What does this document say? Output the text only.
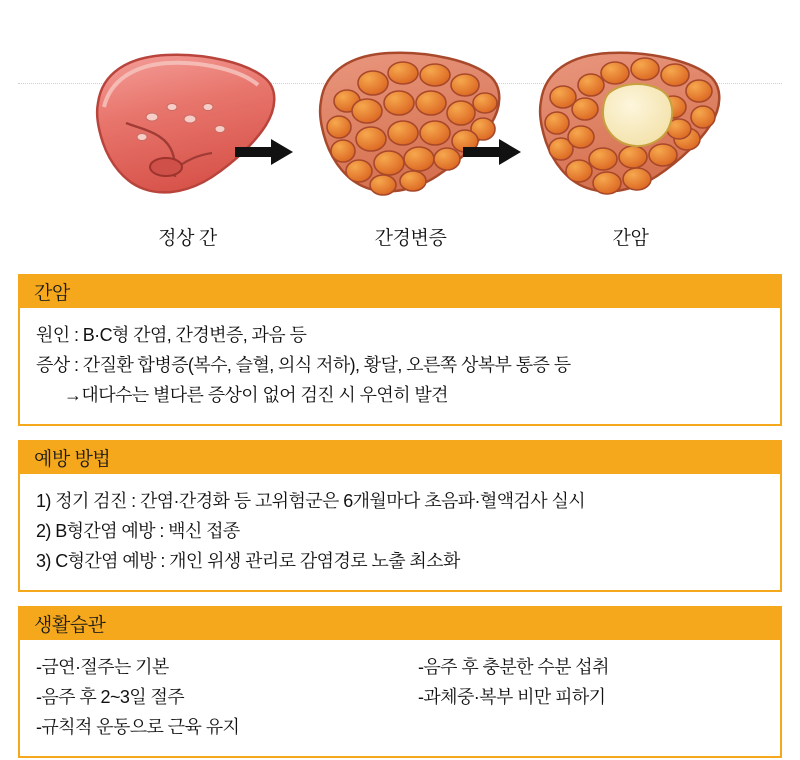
정상 간	간경변증	간암
간암
원인 : B·C형 간염, 간경변증, 과음 등
증상 : 간질환 합병증(복수, 슬혈, 의식 저하), 황달, 오른쪽 상복부 통증 등
→대다수는 별다른 증상이 없어 검진 시 우연히 발견
예방 방법
1) 정기 검진 : 간염·간경화 등 고위험군은 6개월마다 초음파·혈액검사 실시
2) B형간염 예방 : 백신 접종
3) C형간염 예방 : 개인 위생 관리로 감염경로 노출 최소화
생활습관
-금연·절주는 기본
-음주 후 2~3일 절주
-규칙적 운동으로 근육 유지
-음주 후 충분한 수분 섭취
-과체중·복부 비만 피하기
